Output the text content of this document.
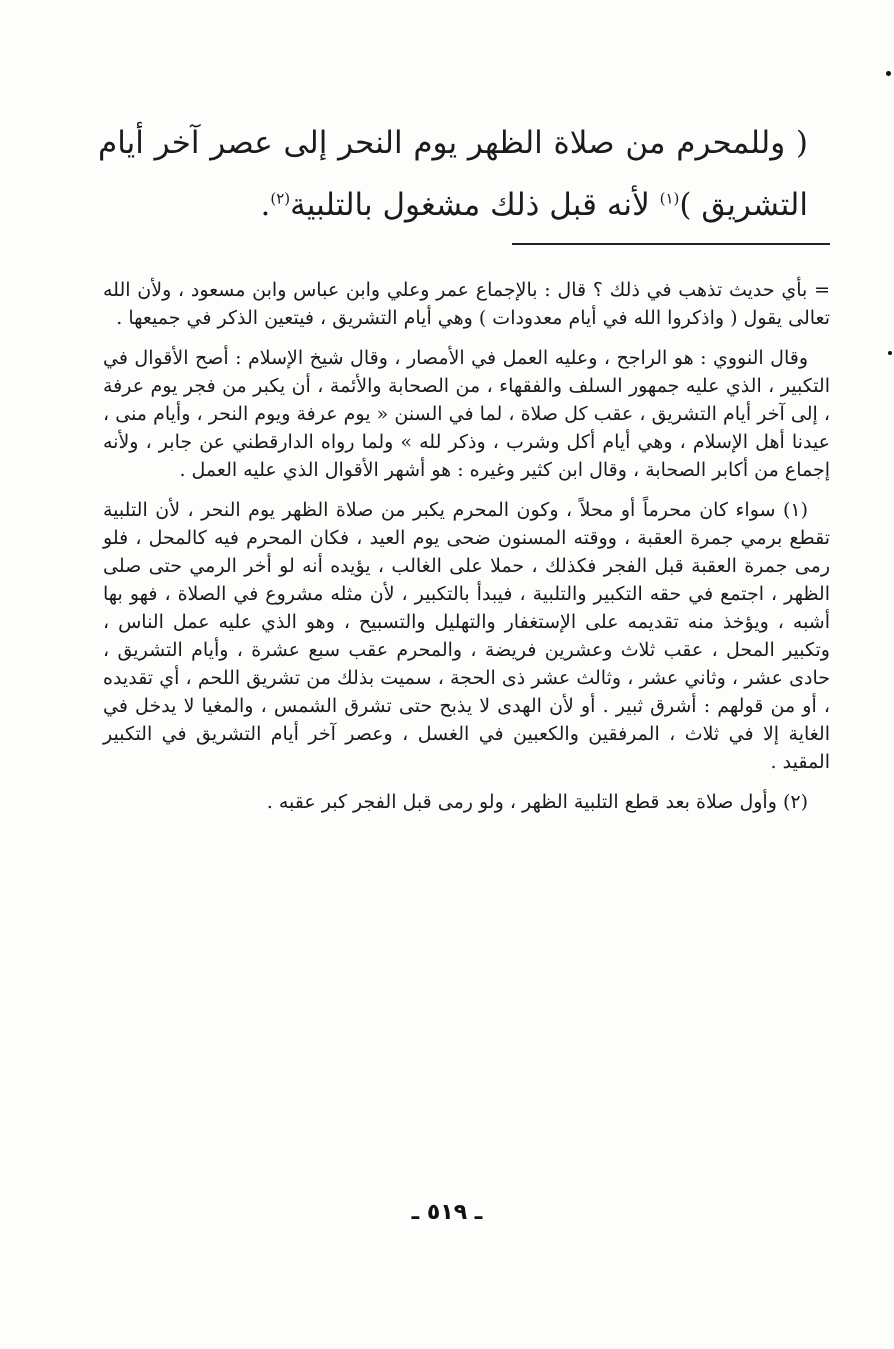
( وللمحرم من صلاة الظهر يوم النحر إلى عصر آخر أيام التشريق )$^{(١)}$ لأنه قبل ذلك مشغول بالتلبية$^{(٢)}$.

= بأي حديث تذهب في ذلك ؟ قال : بالإجماع عمر وعلي وابن عباس وابن مسعود ، ولأن الله تعالى يقول ( واذكروا الله في أيام معدودات ) وهي أيام التشريق ، فيتعين الذكر في جميعها .

وقال النووي : هو الراجح ، وعليه العمل في الأمصار ، وقال شيخ الإسلام : أصح الأقوال في التكبير ، الذي عليه جمهور السلف والفقهاء ، من الصحابة والأئمة ، أن يكبر من فجر يوم عرفة ، إلى آخر أيام التشريق ، عقب كل صلاة ، لما في السنن « يوم عرفة ويوم النحر ، وأيام منى ، عيدنا أهل الإسلام ، وهي أيام أكل وشرب ، وذكر لله » ولما رواه الدارقطني عن جابر ، ولأنه إجماع من أكابر الصحابة ، وقال ابن كثير وغيره : هو أشهر الأقوال الذي عليه العمل .

(١) سواء كان محرماً أو محلاً ، وكون المحرم يكبر من صلاة الظهر يوم النحر ، لأن التلبية تقطع برمي جمرة العقبة ، ووقته المسنون ضحى يوم العيد ، فكان المحرم فيه كالمحل ، فلو رمى جمرة العقبة قبل الفجر فكذلك ، حملا على الغالب ، يؤيده أنه لو أخر الرمي حتى صلى الظهر ، اجتمع في حقه التكبير والتلبية ، فيبدأ بالتكبير ، لأن مثله مشروع في الصلاة ، فهو بها أشبه ، ويؤخذ منه تقديمه على الإستغفار والتهليل والتسبيح ، وهو الذي عليه عمل الناس ، وتكبير المحل ، عقب ثلاث وعشرين فريضة ، والمحرم عقب سبع عشرة ، وأيام التشريق ، حادى عشر ، وثاني عشر ، وثالث عشر ذى الحجة ، سميت بذلك من تشريق اللحم ، أي تقديده ، أو من قولهم : أشرق ثبير . أو لأن الهدى لا يذبح حتى تشرق الشمس ، والمغيا لا يدخل في الغاية إلا في ثلاث ، المرفقين والكعبين في الغسل ، وعصر آخر أيام التشريق في التكبير المقيد .

(٢) وأول صلاة بعد قطع التلبية الظهر ، ولو رمى قبل الفجر كبر عقبه .

ـ ٥١٩ ـ
